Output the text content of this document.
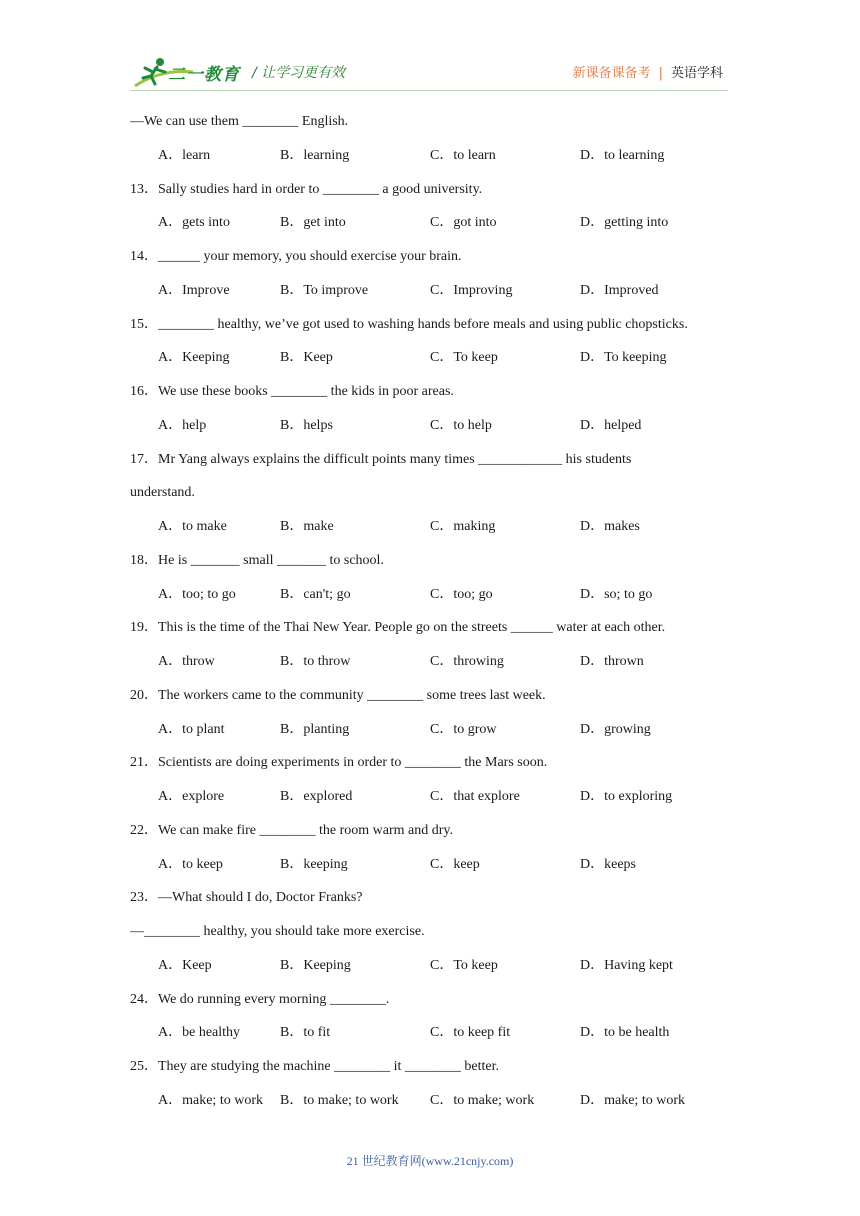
二一教育 / 让学习更有效	新课备课备考 | 英语学科
—We can use them ________ English.
A．learn	B．learning	C．to learn	D．to learning
13．Sally studies hard in order to ________ a good university.
A．gets into	B．get into	C．got into	D．getting into
14．______ your memory, you should exercise your brain.
A．Improve	B．To improve	C．Improving	D．Improved
15．________ healthy, we’ve got used to washing hands before meals and using public chopsticks.
A．Keeping	B．Keep	C．To keep	D．To keeping
16．We use these books ________ the kids in poor areas.
A．help	B．helps	C．to help	D．helped
17．Mr Yang always explains the difficult points many times ____________ his students
understand.
A．to make	B．make	C．making	D．makes
18．He is _______ small _______ to school.
A．too; to go	B．can't; go	C．too; go	D．so; to go
19．This is the time of the Thai New Year. People go on the streets ______ water at each other.
A．throw	B．to throw	C．throwing	D．thrown
20．The workers came to the community ________ some trees last week.
A．to plant	B．planting	C．to grow	D．growing
21．Scientists are doing experiments in order to ________ the Mars soon.
A．explore	B．explored	C．that explore	D．to exploring
22．We can make fire ________ the room warm and dry.
A．to keep	B．keeping	C．keep	D．keeps
23．—What should I do, Doctor Franks?
—________ healthy, you should take more exercise.
A．Keep	B．Keeping	C．To keep	D．Having kept
24．We do running every morning ________.
A．be healthy	B．to fit	C．to keep fit	D．to be health
25．They are studying the machine ________ it ________ better.
A．make; to work B．to make; to work C．to make; work	D．make; to work
21 世纪教育网(www.21cnjy.com)
